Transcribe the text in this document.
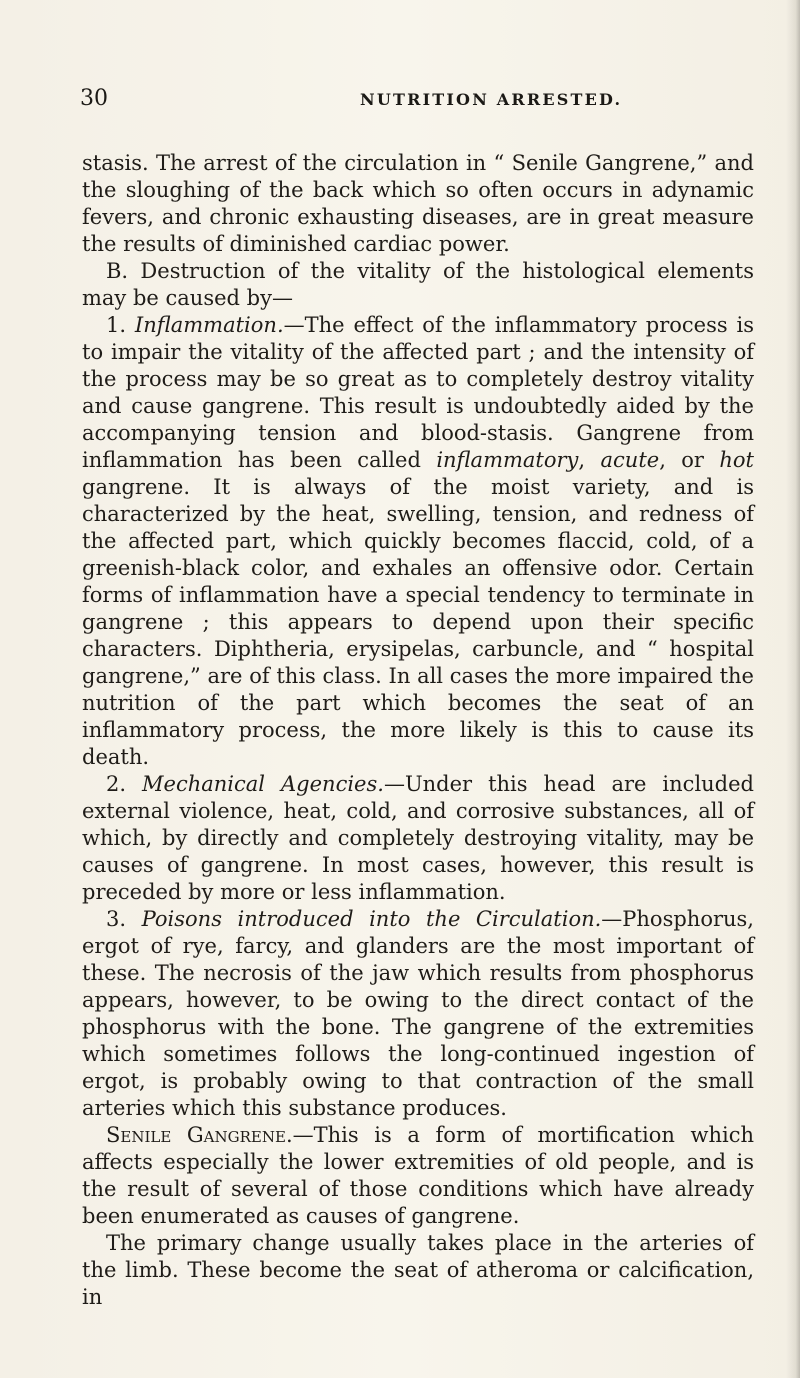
30	NUTRITION ARRESTED.

stasis. The arrest of the circulation in “ Senile Gangrene,” and the sloughing of the back which so often occurs in adynamic fevers, and chronic exhausting diseases, are in great measure the results of diminished cardiac power.

B. Destruction of the vitality of the histological elements may be caused by—

1. Inflammation.—The effect of the inflammatory process is to impair the vitality of the affected part ; and the intensity of the process may be so great as to completely destroy vitality and cause gangrene. This result is undoubtedly aided by the accompanying tension and blood-stasis. Gangrene from inflammation has been called inflammatory, acute, or hot gangrene. It is always of the moist variety, and is characterized by the heat, swelling, tension, and redness of the affected part, which quickly becomes flaccid, cold, of a greenish-black color, and exhales an offensive odor. Certain forms of inflammation have a special tendency to terminate in gangrene ; this appears to depend upon their specific characters. Diphtheria, erysipelas, carbuncle, and “ hospital gangrene,” are of this class. In all cases the more impaired the nutrition of the part which becomes the seat of an inflammatory process, the more likely is this to cause its death.

2. Mechanical Agencies.—Under this head are included external violence, heat, cold, and corrosive substances, all of which, by directly and completely destroying vitality, may be causes of gangrene. In most cases, however, this result is preceded by more or less inflammation.

3. Poisons introduced into the Circulation.—Phosphorus, ergot of rye, farcy, and glanders are the most important of these. The necrosis of the jaw which results from phosphorus appears, however, to be owing to the direct contact of the phosphorus with the bone. The gangrene of the extremities which sometimes follows the long-continued ingestion of ergot, is probably owing to that contraction of the small arteries which this substance produces.

Senile Gangrene.—This is a form of mortification which affects especially the lower extremities of old people, and is the result of several of those conditions which have already been enumerated as causes of gangrene.

The primary change usually takes place in the arteries of the limb. These become the seat of atheroma or calcification, in
